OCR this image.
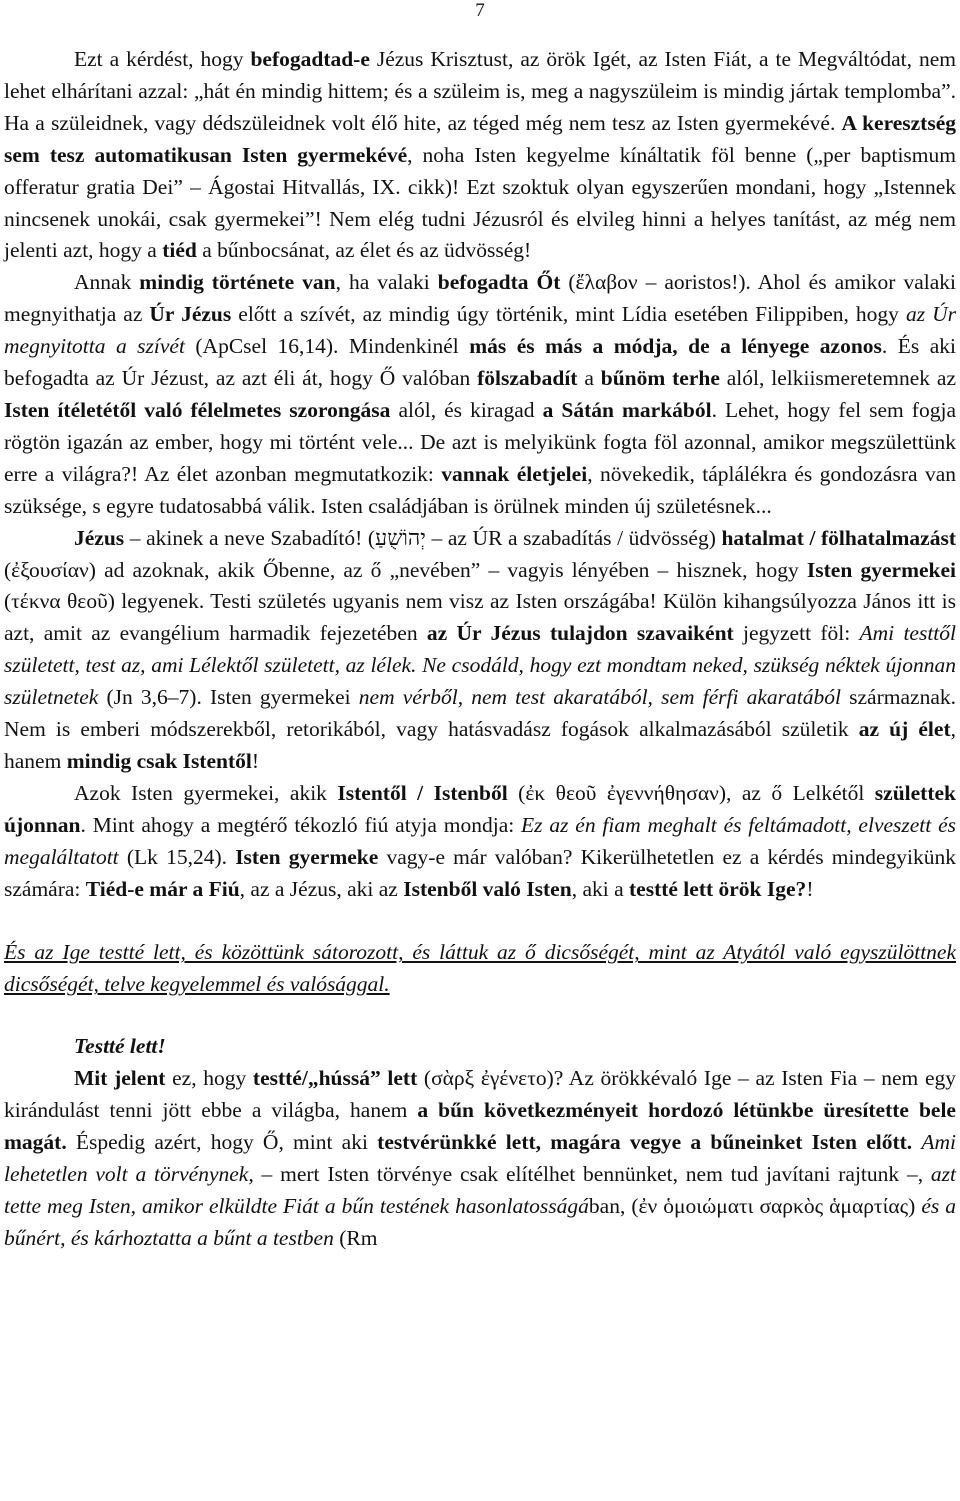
7

Ezt a kérdést, hogy befogadtad-e Jézus Krisztust, az örök Igét, az Isten Fiát, a te Megváltódat, nem lehet elhárítani azzal: „hát én mindig hittem; és a szüleim is, meg a nagyszüleim is mindig jártak templomba”. Ha a szüleidnek, vagy dédszüleidnek volt élő hite, az téged még nem tesz az Isten gyermekévé. A keresztség sem tesz automatikusan Isten gyermekévé, noha Isten kegyelme kínáltatik föl benne („per baptismum offeratur gratia Dei” – Ágostai Hitvallás, IX. cikk)! Ezt szoktuk olyan egyszerűen mondani, hogy „Istennek nincsenek unokái, csak gyermekei”! Nem elég tudni Jézusról és elvileg hinni a helyes tanítást, az még nem jelenti azt, hogy a tiéd a bűnbocsánat, az élet és az üdvösség!

Annak mindig története van, ha valaki befogadta Őt (ἔλαβον – aoristos!). Ahol és amikor valaki megnyithatja az Úr Jézus előtt a szívét, az mindig úgy történik, mint Lídia esetében Filippiben, hogy az Úr megnyitotta a szívét (ApCsel 16,14). Mindenkinél más és más a módja, de a lényege azonos. És aki befogadta az Úr Jézust, az azt éli át, hogy Ő valóban fölszabadít a bűnöm terhe alól, lelkiismeretemnek az Isten ítéletétől való félelmetes szorongása alól, és kiragad a Sátán markából. Lehet, hogy fel sem fogja rögtön igazán az ember, hogy mi történt vele... De azt is melyikünk fogta föl azonnal, amikor megszülettünk erre a világra?! Az élet azonban megmutatkozik: vannak életjelei, növekedik, táplálékra és gondozásra van szüksége, s egyre tudatosabbá válik. Isten családjában is örülnek minden új születésnek...

Jézus – akinek a neve Szabadító! (יְהוֹשֻׁעַ – az ÚR a szabadítás / üdvösség) hatalmat / fölhatalmazást (ἐξουσίαν) ad azoknak, akik Őbenne, az ő „nevében” – vagyis lényében – hisznek, hogy Isten gyermekei (τέκνα θεοῦ) legyenek. Testi születés ugyanis nem visz az Isten országába! Külön kihangsúlyozza János itt is azt, amit az evangélium harmadik fejezetében az Úr Jézus tulajdon szavaiként jegyzett föl: Ami testtől született, test az, ami Lélektől született, az lélek. Ne csodáld, hogy ezt mondtam neked, szükség néktek újonnan születnetek (Jn 3,6–7). Isten gyermekei nem vérből, nem test akaratából, sem férfi akaratából származnak. Nem is emberi módszerekből, retorikából, vagy hatásvadász fogások alkalmazásából születik az új élet, hanem mindig csak Istentől!

Azok Isten gyermekei, akik Istentől / Istenből (ἐκ θεοῦ ἐγεννήθησαν), az ő Lelkétől születtek újonnan. Mint ahogy a megtérő tékozló fiú atyja mondja: Ez az én fiam meghalt és feltámadott, elveszett és megaláltatott (Lk 15,24). Isten gyermeke vagy-e már valóban? Kikerülhetetlen ez a kérdés mindegyikünk számára: Tiéd-e már a Fiú, az a Jézus, aki az Istenből való Isten, aki a testté lett örök Ige?!

És az Ige testté lett, és közöttünk sátorozott, és láttuk az ő dicsőségét, mint az Atyától való egyszülöttnek dicsőségét, telve kegyelemmel és valósággal.

Testté lett!

Mit jelent ez, hogy testté/„hússá” lett (σὰρξ ἐγένετο)? Az örökkévaló Ige – az Isten Fia – nem egy kirándulást tenni jött ebbe a világba, hanem a bűn következményeit hordozó létünkbe üresítette bele magát. Éspedig azért, hogy Ő, mint aki testvérünkké lett, magára vegye a bűneinket Isten előtt. Ami lehetetlen volt a törvénynek, – mert Isten törvénye csak elítélhet bennünket, nem tud javítani rajtunk –, azt tette meg Isten, amikor elküldte Fiát a bűn testének hasonlatosságában, (ἐν ὁμοιώματι σαρκὸς ἁμαρτίας) és a bűnért, és kárhoztatta a bűnt a testben (Rm
